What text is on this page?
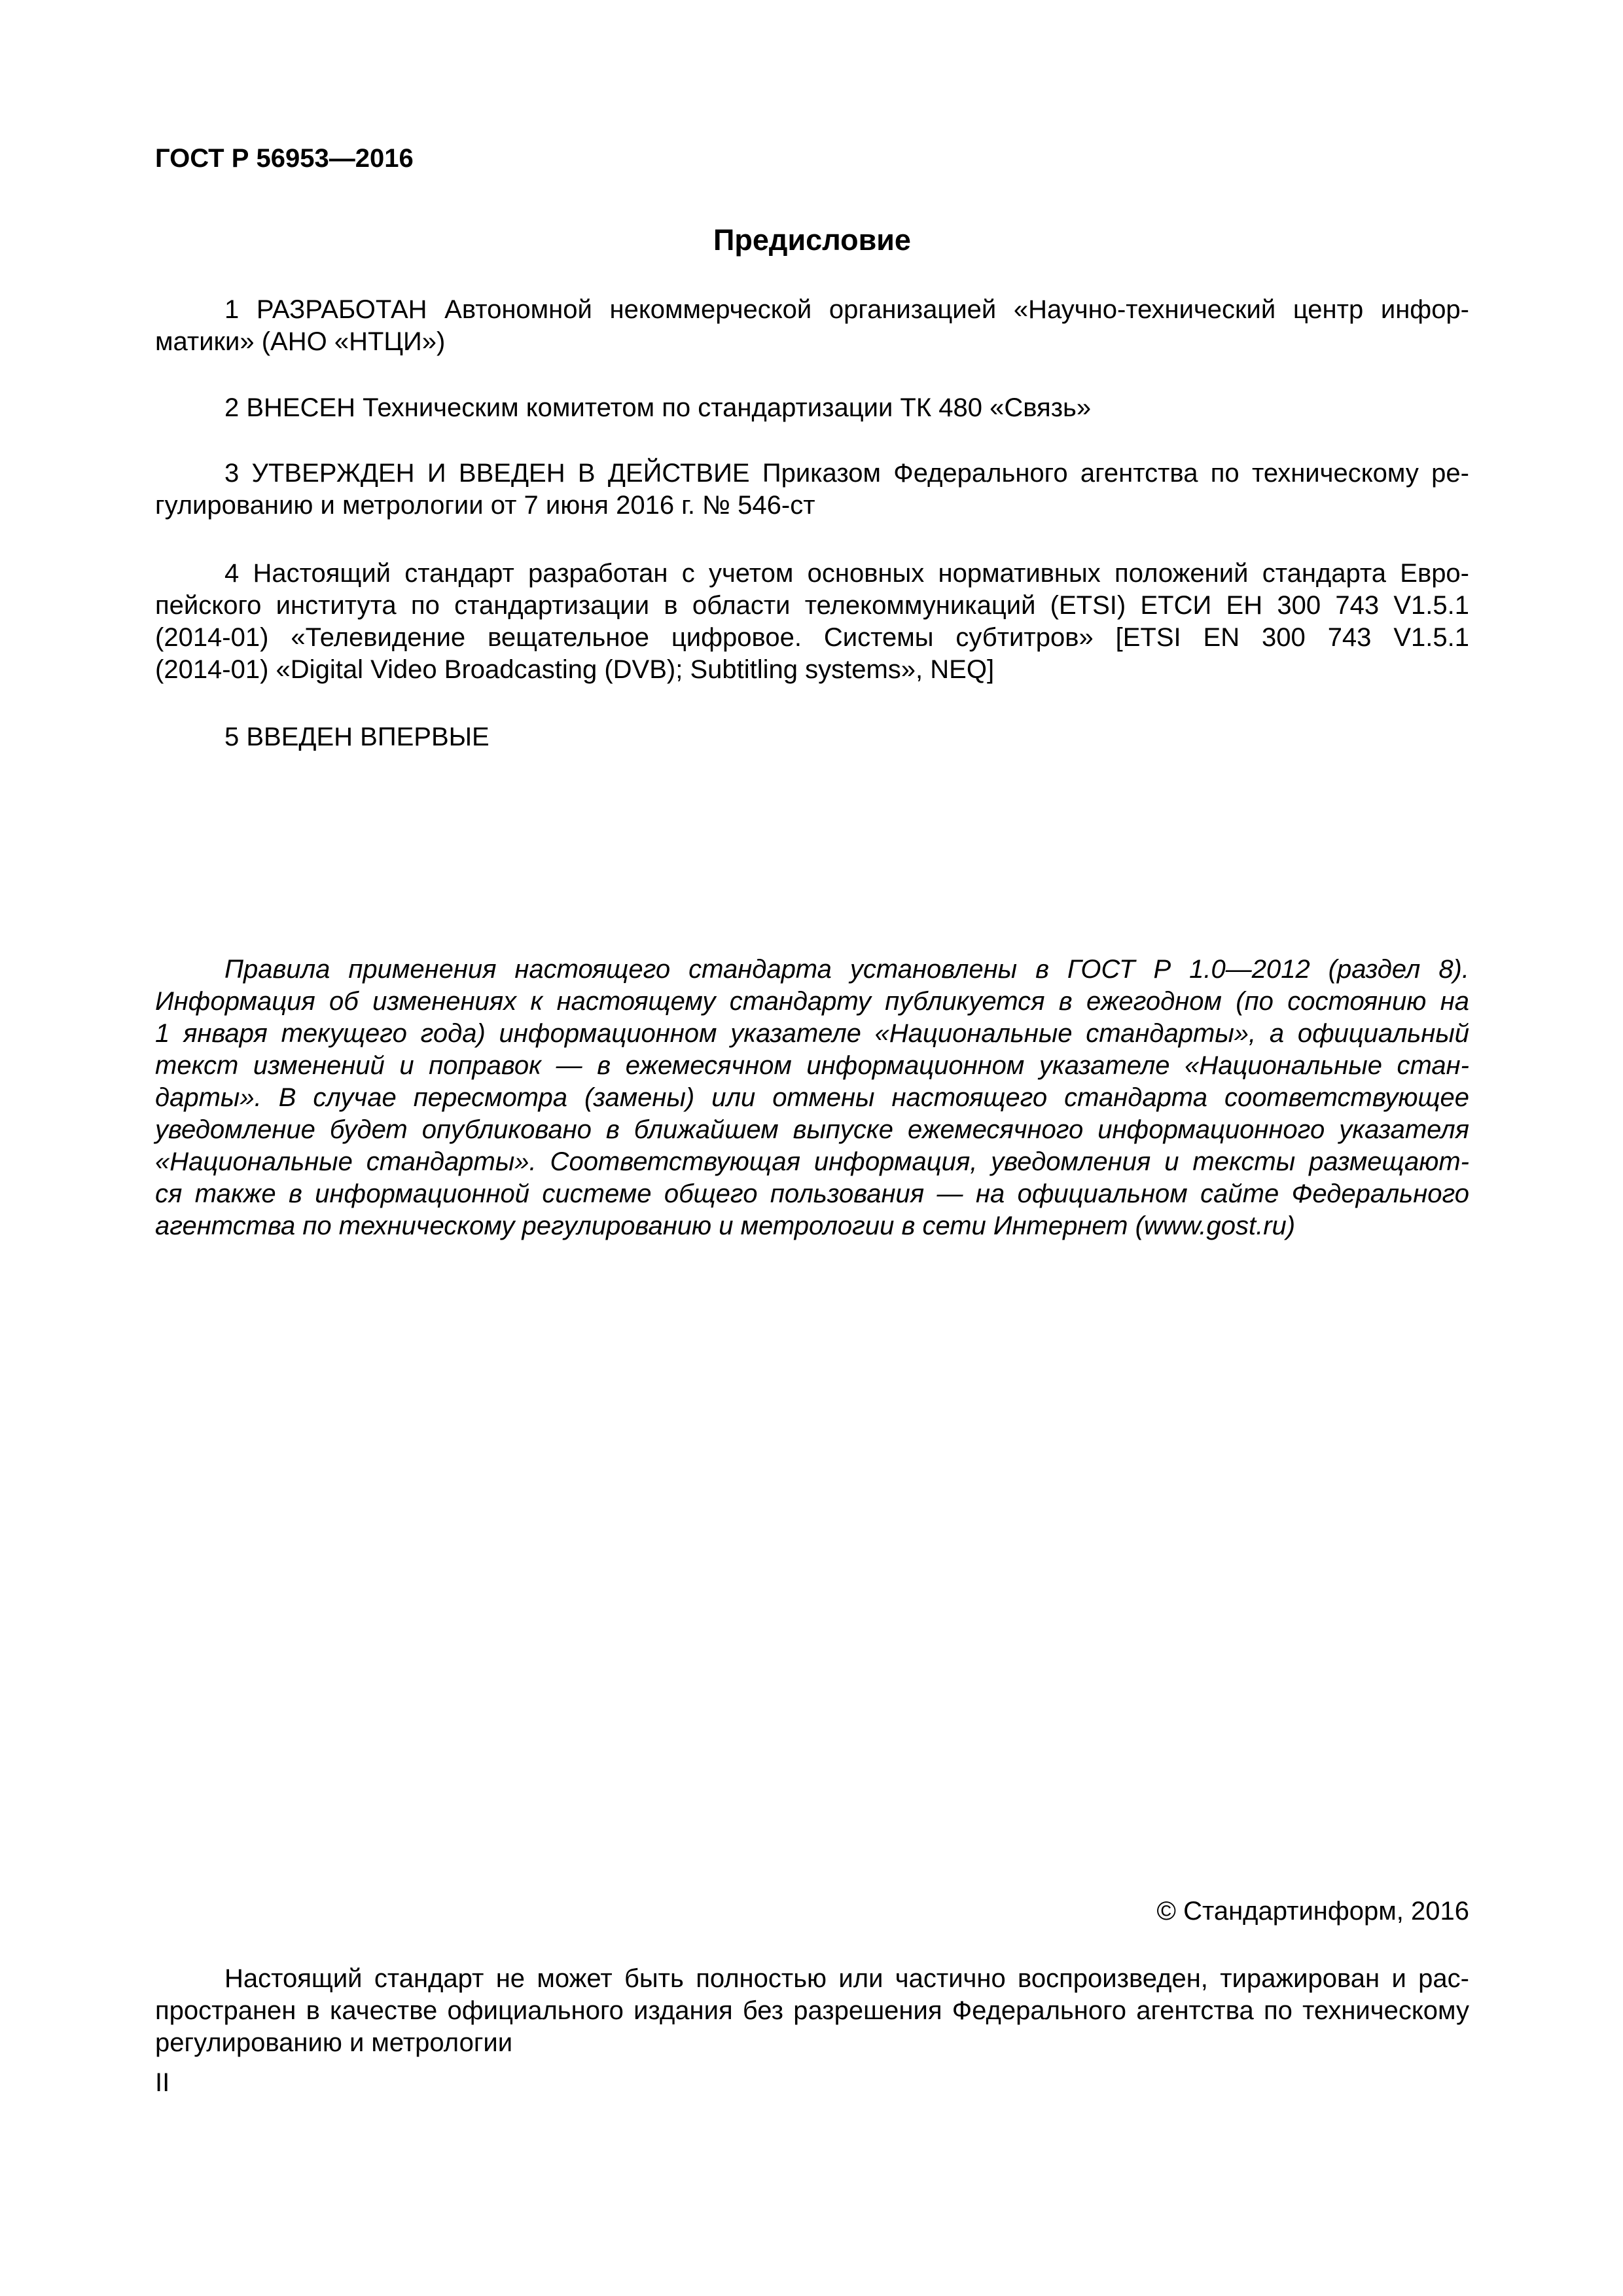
ГОСТ Р 56953—2016
Предисловие
1 РАЗРАБОТАН Автономной некоммерческой организацией «Научно-технический центр инфор-
матики» (АНО «НТЦИ»)
2 ВНЕСЕН Техническим комитетом по стандартизации ТК 480 «Связь»
3 УТВЕРЖДЕН И ВВЕДЕН В ДЕЙСТВИЕ Приказом Федерального агентства по техническому ре-
гулированию и метрологии от 7 июня 2016 г. № 546-ст
4 Настоящий стандарт разработан с учетом основных нормативных положений стандарта Евро-
пейского института по стандартизации в области телекоммуникаций (ETSI) ЕТСИ ЕН 300 743 V1.5.1
(2014-01) «Телевидение вещательное цифровое. Системы субтитров» [ETSI EN 300 743 V1.5.1
(2014-01) «Digital Video Broadcasting (DVB); Subtitling systems», NEQ]
5 ВВЕДЕН ВПЕРВЫЕ
Правила применения настоящего стандарта установлены в ГОСТ Р 1.0—2012 (раздел 8).
Информация об изменениях к настоящему стандарту публикуется в ежегодном (по состоянию на
1 января текущего года) информационном указателе «Национальные стандарты», а официальный
текст изменений и поправок — в ежемесячном информационном указателе «Национальные стан-
дарты». В случае пересмотра (замены) или отмены настоящего стандарта соответствующее
уведомление будет опубликовано в ближайшем выпуске ежемесячного информационного указателя
«Национальные стандарты». Соответствующая информация, уведомления и тексты размещают-
ся также в информационной системе общего пользования — на официальном сайте Федерального
агентства по техническому регулированию и метрологии в сети Интернет (www.gost.ru)
© Стандартинформ, 2016
Настоящий стандарт не может быть полностью или частично воспроизведен, тиражирован и рас-
пространен в качестве официального издания без разрешения Федерального агентства по техническому
регулированию и метрологии
II
